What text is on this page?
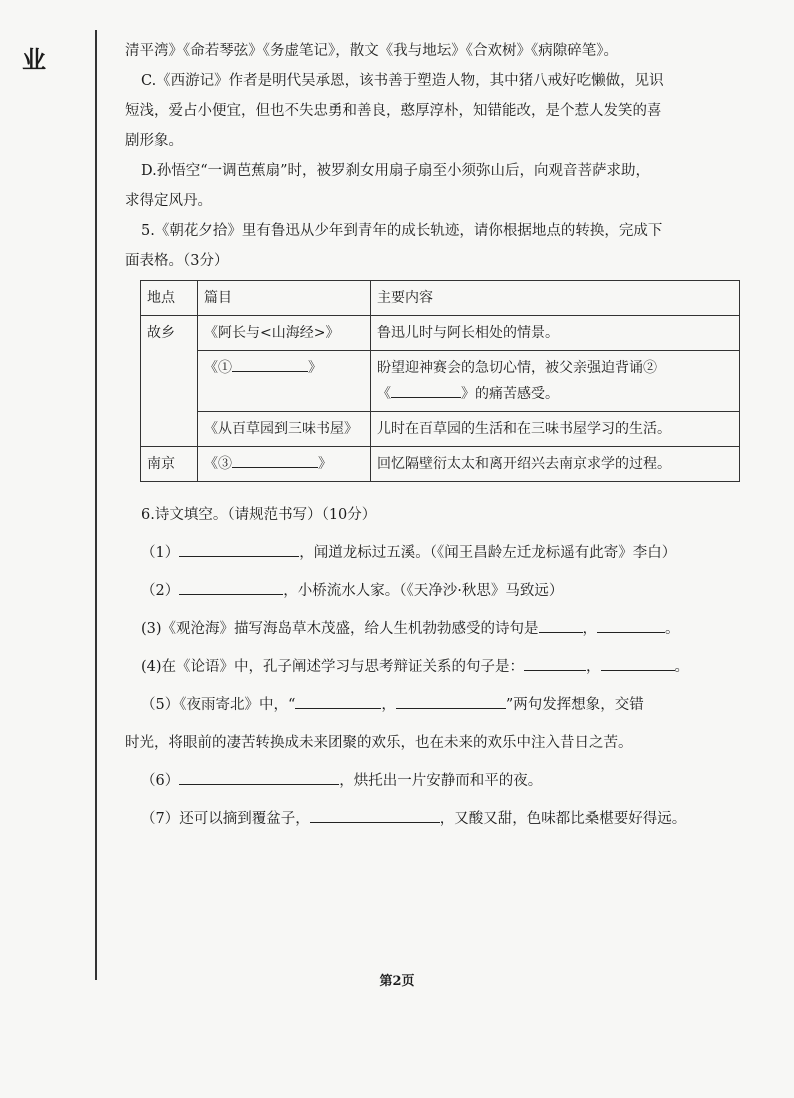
业	清平湾》《命若琴弦》《务虚笔记》，散文《我与地坛》《合欢树》《病隙碎笔》。

C.《西游记》作者是明代吴承恩，该书善于塑造人物，其中猪八戒好吃懒做，见识

短浅，爱占小便宜，但也不失忠勇和善良，憨厚淳朴，知错能改，是个惹人发笑的喜

剧形象。

D.孙悟空“一调芭蕉扇”时，被罗刹女用扇子扇至小须弥山后，向观音菩萨求助，

求得定风丹。

5.《朝花夕拾》里有鲁迅从少年到青年的成长轨迹，请你根据地点的转换，完成下

面表格。（3分）

地点	篇目	主要内容
故乡	《阿长与<山海经>》	鲁迅儿时与阿长相处的情景。
	《① 》	盼望迎神赛会的急切心情，被父亲强迫背诵②
《 》的痛苦感受。

	《从百草园到三味书屋》	儿时在百草园的生活和在三味书屋学习的生活。
南京	《③ 》	回忆隔壁衍太太和离开绍兴去南京求学的过程。

6.诗文填空。（请规范书写）（10分）

（1）	，闻道龙标过五溪。（《闻王昌龄左迁龙标遥有此寄》李白）

（2）	，小桥流水人家。（《天净沙·秋思》马致远）

(3)《观沧海》描写海岛草木茂盛，给人生机勃勃感受的诗句是	，	。

(4)在《论语》中，孔子阐述学习与思考辩证关系的句子是：	，	。

（5）《夜雨寄北》中，“	，	”两句发挥想象，交错

时光，将眼前的凄苦转换成未来团聚的欢乐，也在未来的欢乐中注入昔日之苦。

（6）	，烘托出一片安静而和平的夜。

（7）还可以摘到覆盆子，	，又酸又甜，色味都比桑椹要好得远。

第2页
